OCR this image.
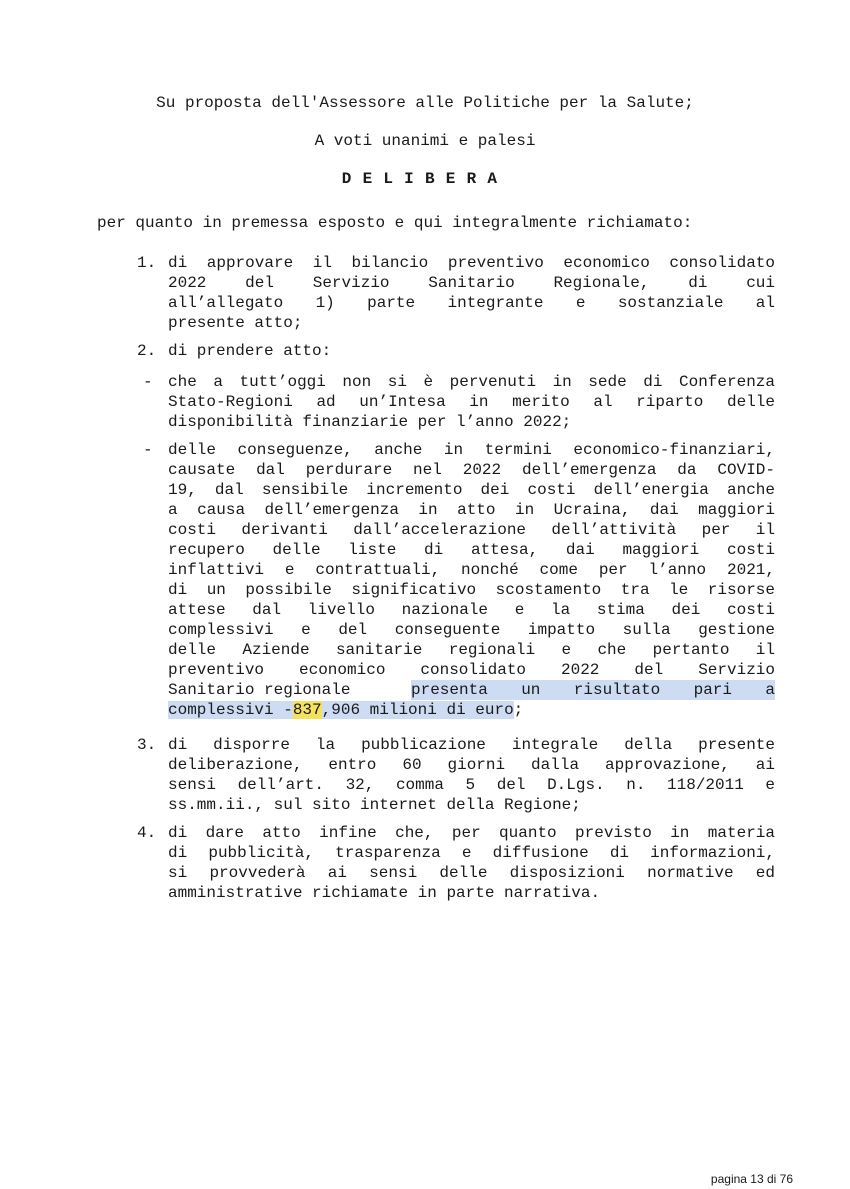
Su proposta dell'Assessore alle Politiche per la Salute;
A voti unanimi e palesi
DELIBERA
per quanto in premessa esposto e qui integralmente richiamato:
1. di approvare il bilancio preventivo economico consolidato
2022 del Servizio Sanitario Regionale, di cui
all’allegato 1) parte integrante e sostanziale al
presente atto;
2. di prendere atto:
- che a tutt’oggi non si è pervenuti in sede di Conferenza
Stato-Regioni ad un’Intesa in merito al riparto delle
disponibilità finanziarie per l’anno 2022;
- delle conseguenze, anche in termini economico-finanziari,
causate dal perdurare nel 2022 dell’emergenza da COVID-
19, dal sensibile incremento dei costi dell’energia anche
a causa dell’emergenza in atto in Ucraina, dai maggiori
costi derivanti dall’accelerazione dell’attività per il
recupero delle liste di attesa, dai maggiori costi
inflattivi e contrattuali, nonché come per l’anno 2021,
di un possibile significativo scostamento tra le risorse
attese dal livello nazionale e la stima dei costi
complessivi e del conseguente impatto sulla gestione
delle Aziende sanitarie regionali e che pertanto il
preventivo economico consolidato 2022 del Servizio
Sanitario regionale	presenta un risultato pari a
complessivi -837,906 milioni di euro;
3. di disporre la pubblicazione integrale della presente
deliberazione, entro 60 giorni dalla approvazione, ai
sensi dell’art. 32, comma 5 del D.Lgs. n. 118/2011 e
ss.mm.ii., sul sito internet della Regione;
4. di dare atto infine che, per quanto previsto in materia
di pubblicità, trasparenza e diffusione di informazioni,
si provvederà ai sensi delle disposizioni normative ed
amministrative richiamate in parte narrativa.
pagina 13 di 76
